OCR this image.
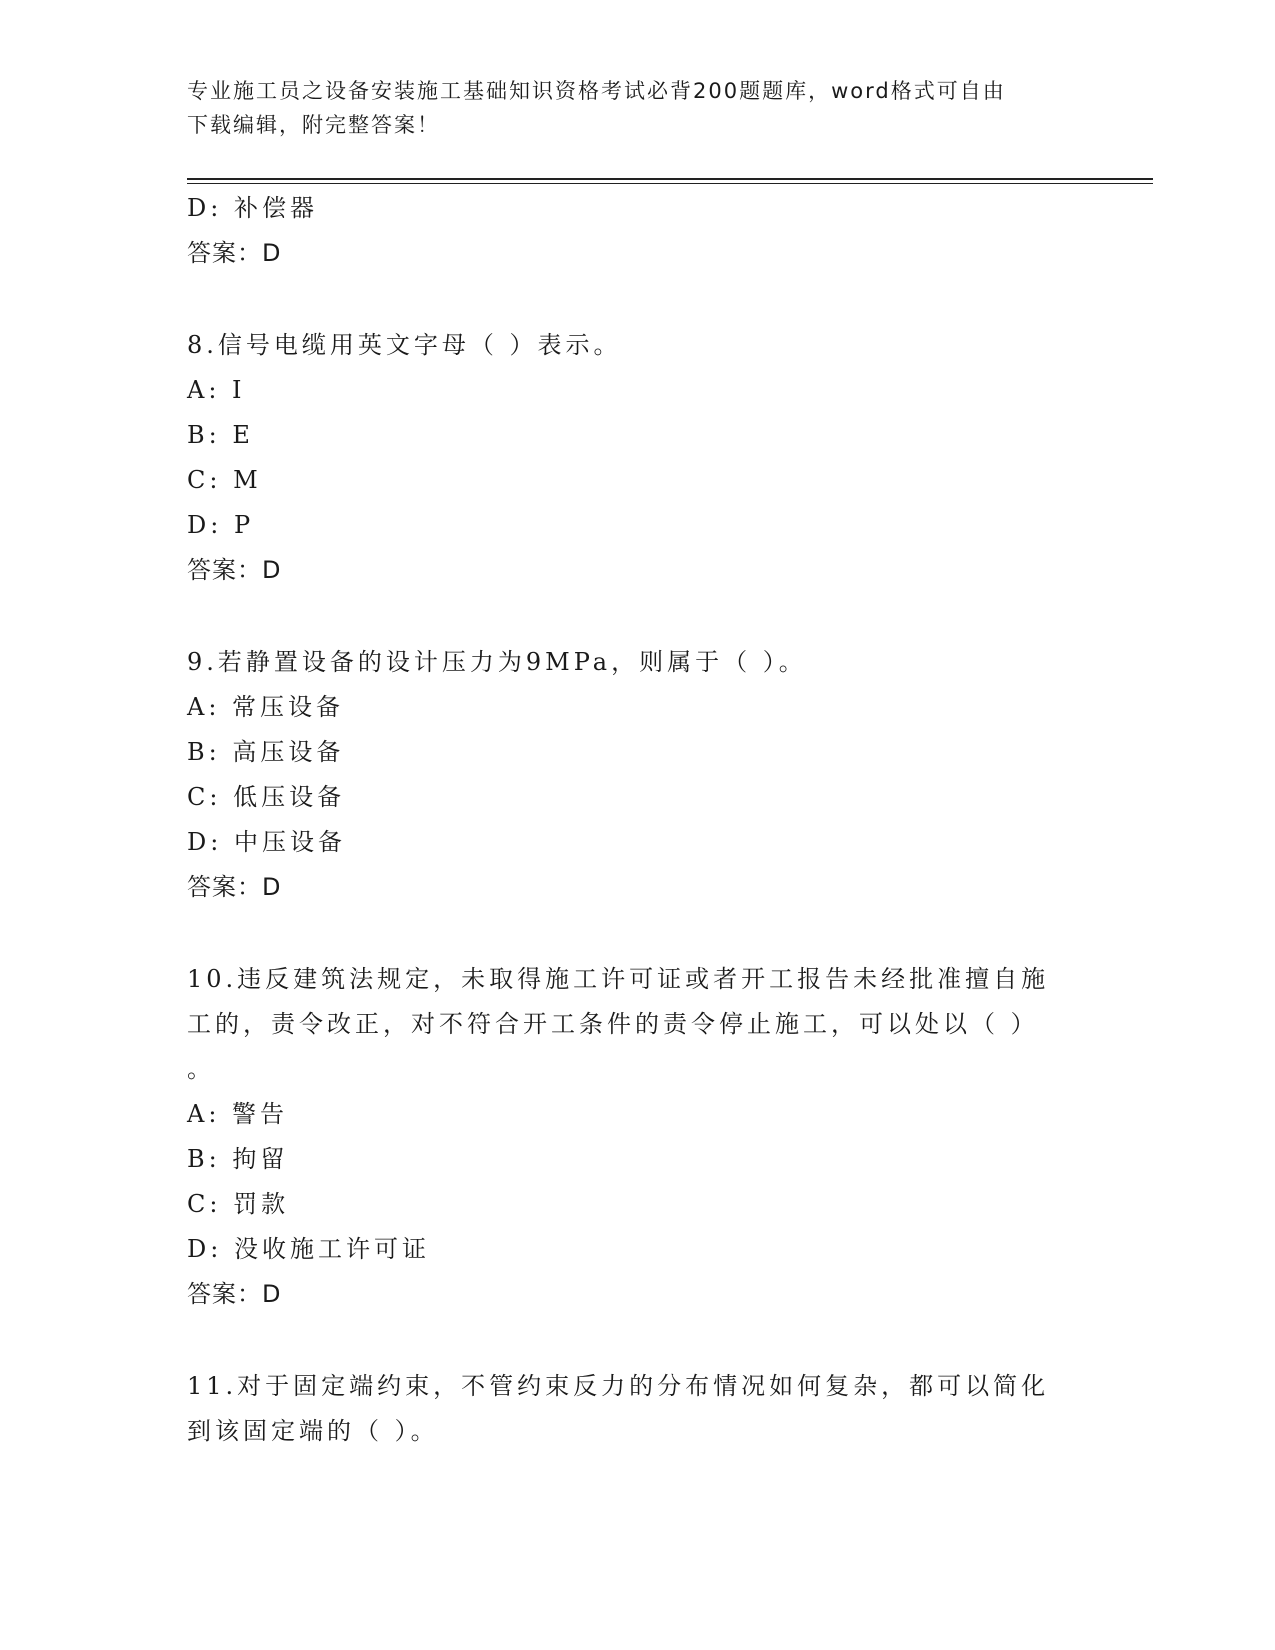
专业施工员之设备安装施工基础知识资格考试必背200题题库，word格式可自由
下载编辑，附完整答案！
D: 补偿器
答案：D
8.信号电缆用英文字母（ ）表示。
A: I
B: E
C: M
D: P
答案：D
9.若静置设备的设计压力为9MPa，则属于（ ）。
A: 常压设备
B: 高压设备
C: 低压设备
D: 中压设备
答案：D
10.违反建筑法规定，未取得施工许可证或者开工报告未经批准擅自施
工的，责令改正，对不符合开工条件的责令停止施工，可以处以（ ）
。
A: 警告
B: 拘留
C: 罚款
D: 没收施工许可证
答案：D
11.对于固定端约束，不管约束反力的分布情况如何复杂，都可以简化
到该固定端的（ ）。
